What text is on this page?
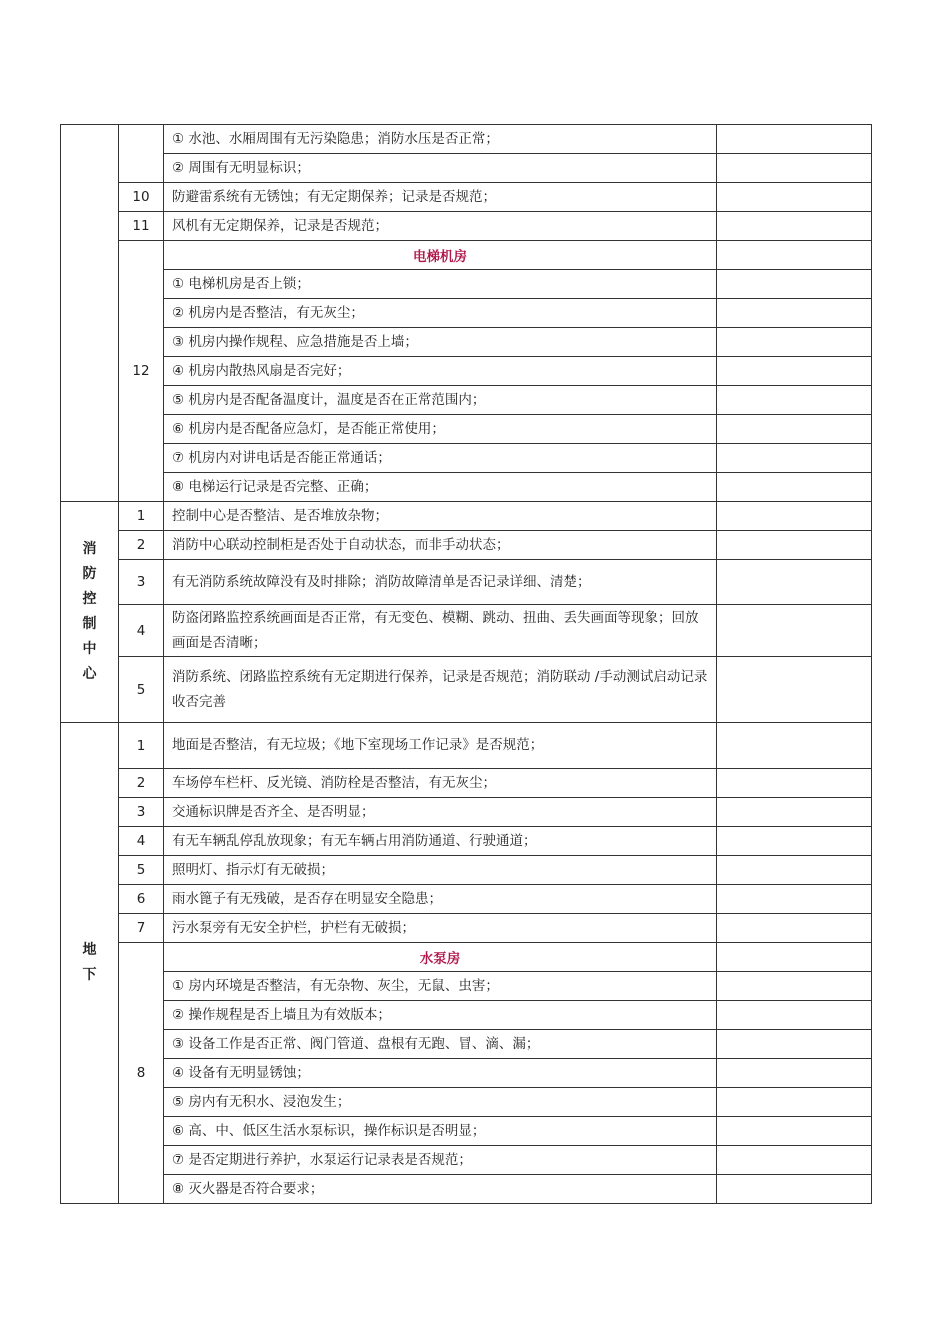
		① 水池、水厢周围有无污染隐患；消防水压是否正常；	
		② 周围有无明显标识；	
	10	防避雷系统有无锈蚀；有无定期保养；记录是否规范；	
	11	风机有无定期保养，记录是否规范；	
	12	电梯机房	
		① 电梯机房是否上锁；	
		② 机房内是否整洁，有无灰尘；	
		③ 机房内操作规程、应急措施是否上墙；	
		④ 机房内散热风扇是否完好；	
		⑤ 机房内是否配备温度计，温度是否在正常范围内；	
		⑥ 机房内是否配备应急灯，是否能正常使用；	
		⑦ 机房内对讲电话是否能正常通话；	
		⑧ 电梯运行记录是否完整、正确；	
消防控制中心	1	控制中心是否整洁、是否堆放杂物；	
	2	消防中心联动控制柜是否处于自动状态，而非手动状态；	
	3	有无消防系统故障没有及时排除；消防故障清单是否记录详细、清楚；	
	4	防盗闭路监控系统画面是否正常，有无变色、模糊、跳动、扭曲、丢失画面等现象；回放画面是否清晰；	
	5	消防系统、闭路监控系统有无定期进行保养，记录是否规范；消防联动 /手动测试启动记录收否完善	
地下	1	地面是否整洁，有无垃圾；《地下室现场工作记录》是否规范；	
	2	车场停车栏杆、反光镜、消防栓是否整洁，有无灰尘；	
	3	交通标识牌是否齐全、是否明显；	
	4	有无车辆乱停乱放现象；有无车辆占用消防通道、行驶通道；	
	5	照明灯、指示灯有无破损；	
	6	雨水篦子有无残破，是否存在明显安全隐患；	
	7	污水泵旁有无安全护栏，护栏有无破损；	
	8	水泵房	
		① 房内环境是否整洁，有无杂物、灰尘，无鼠、虫害；	
		② 操作规程是否上墙且为有效版本；	
		③ 设备工作是否正常、阀门管道、盘根有无跑、冒、滴、漏；	
		④ 设备有无明显锈蚀；	
		⑤ 房内有无积水、浸泡发生；	
		⑥ 高、中、低区生活水泵标识，操作标识是否明显；	
		⑦ 是否定期进行养护，水泵运行记录表是否规范；	
		⑧ 灭火器是否符合要求；	
